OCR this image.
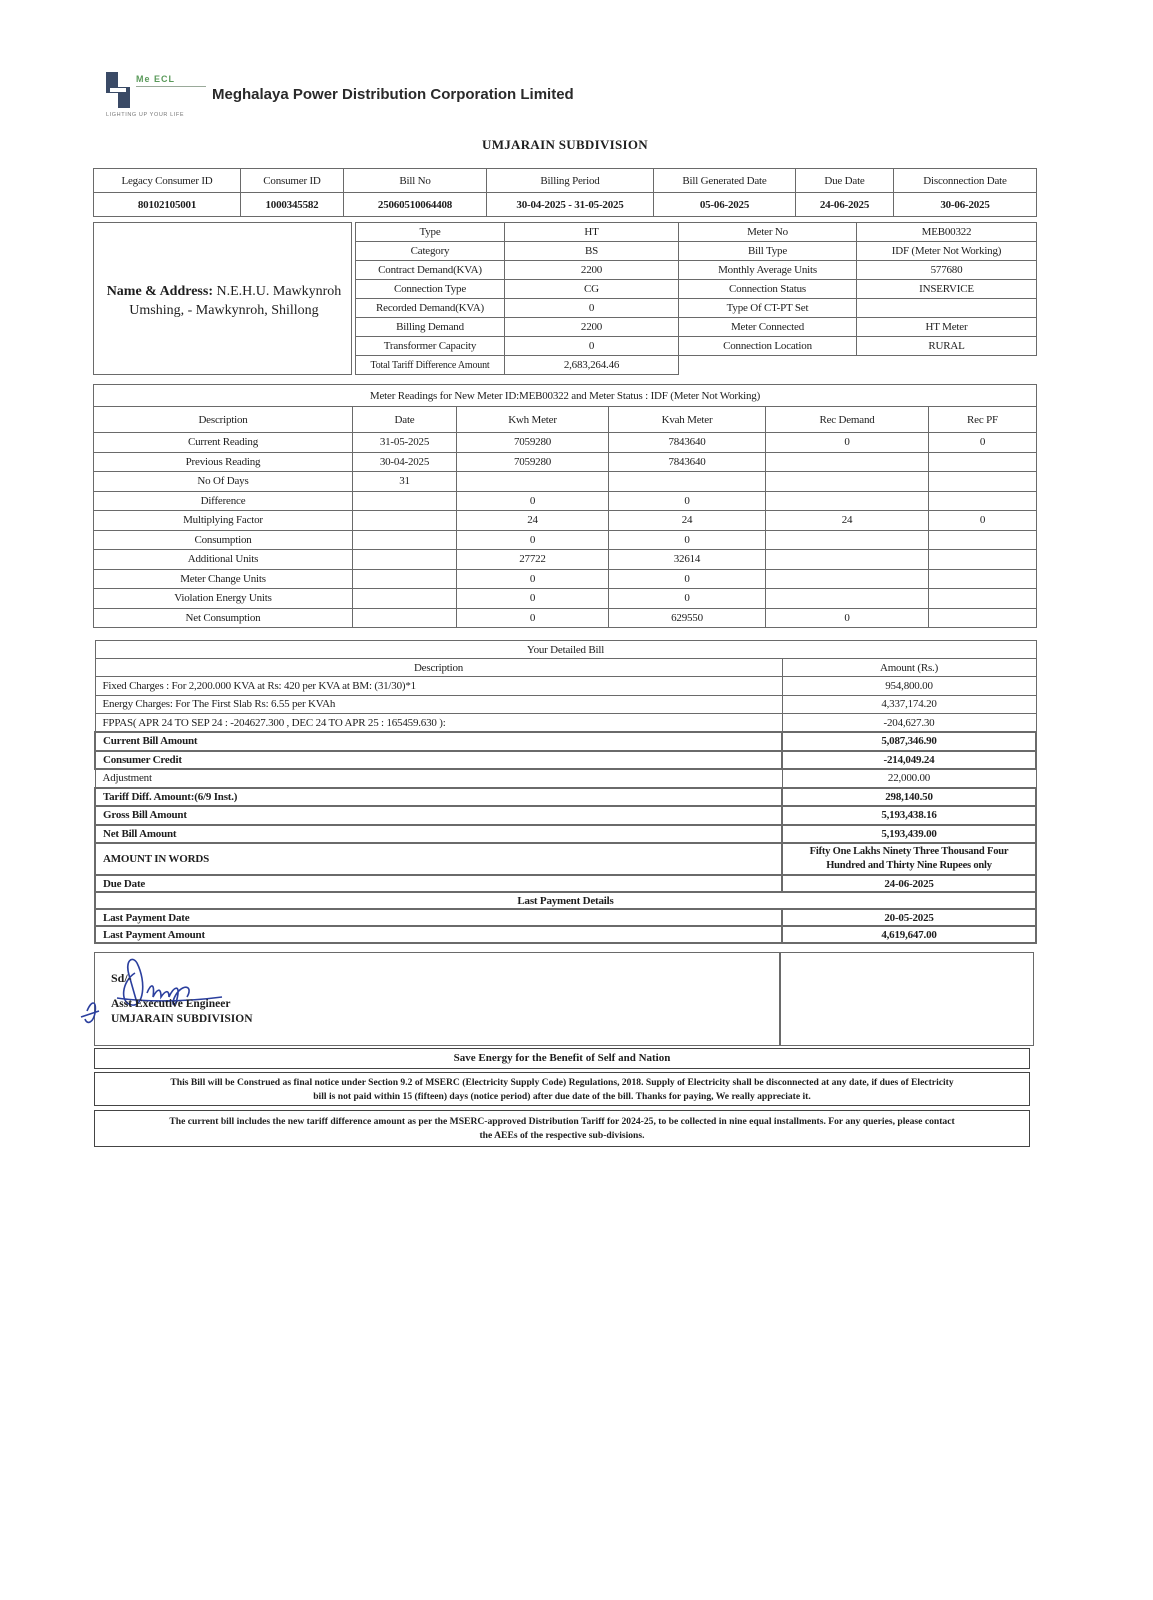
Me ECL
LIGHTING UP YOUR LIFE
Meghalaya Power Distribution Corporation Limited
UMJARAIN SUBDIVISION
Legacy Consumer ID	Consumer ID	Bill No	Billing Period	Bill Generated Date	Due Date	Disconnection Date
80102105001	1000345582	25060510064408	30-04-2025 - 31-05-2025	05-06-2025	24-06-2025	30-06-2025
Name & Address: N.E.H.U. Mawkynroh
Umshing, - Mawkynroh, Shillong
Type	HT	Meter No	MEB00322
Category	BS	Bill Type	IDF (Meter Not Working)
Contract Demand(KVA)	2200	Monthly Average Units	577680
Connection Type	CG	Connection Status	INSERVICE
Recorded Demand(KVA)	0	Type Of CT-PT Set	
Billing Demand	2200	Meter Connected	HT Meter
Transformer Capacity	0	Connection Location	RURAL
Total Tariff Difference Amount	2,683,264.46		
Meter Readings for New Meter ID:MEB00322 and Meter Status : IDF (Meter Not Working)					
Description	Date	Kwh Meter	Kvah Meter	Rec Demand	Rec PF
Current Reading	31-05-2025	7059280	7843640	0	0
Previous Reading	30-04-2025	7059280	7843640		
No Of Days	31				
Difference		0	0		
Multiplying Factor		24	24	24	0
Consumption		0	0		
Additional Units		27722	32614		
Meter Change Units		0	0		
Violation Energy Units		0	0		
Net Consumption		0	629550	0	
Your Detailed Bill	
Description	Amount (Rs.)
Fixed Charges : For 2,200.000 KVA at Rs: 420 per KVA at BM: (31/30)*1	954,800.00
Energy Charges: For The First Slab Rs: 6.55 per KVAh	4,337,174.20
FPPAS( APR 24 TO SEP 24 : -204627.300 , DEC 24 TO APR 25 : 165459.630 ):	-204,627.30
Current Bill Amount	5,087,346.90
Consumer Credit	-214,049.24
Adjustment	22,000.00
Tariff Diff. Amount:(6/9 Inst.)	298,140.50
Gross Bill Amount	5,193,438.16
Net Bill Amount	5,193,439.00
AMOUNT IN WORDS	Fifty One Lakhs Ninety Three Thousand Four
Hundred and Thirty Nine Rupees only
Due Date	24-06-2025
Last Payment Details	
Last Payment Date	20-05-2025
Last Payment Amount	4,619,647.00
Sd/-
Asst Executive Engineer
UMJARAIN SUBDIVISION
Save Energy for the Benefit of Self and Nation
This Bill will be Construed as final notice under Section 9.2 of MSERC (Electricity Supply Code) Regulations, 2018. Supply of Electricity shall be disconnected at any date, if dues of Electricity
bill is not paid within 15 (fifteen) days (notice period) after due date of the bill. Thanks for paying, We really appreciate it.
The current bill includes the new tariff difference amount as per the MSERC-approved Distribution Tariff for 2024-25, to be collected in nine equal installments. For any queries, please contact
the AEEs of the respective sub-divisions.
